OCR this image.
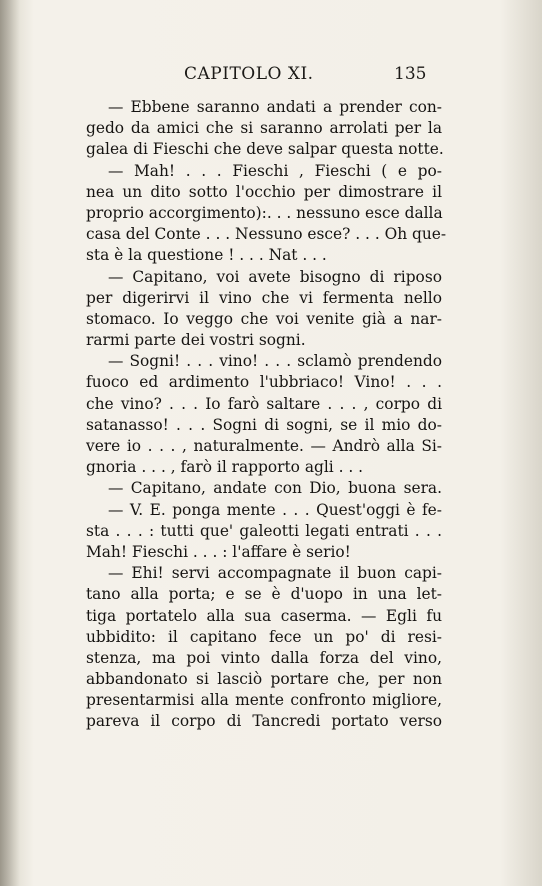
CAPITOLO XI.	135
— Ebbene saranno andati a prender con-
gedo da amici che si saranno arrolati per la
galea di Fieschi che deve salpar questa notte.
— Mah! . . . Fieschi , Fieschi ( e po-
nea un dito sotto l'occhio per dimostrare il
proprio accorgimento):. . . nessuno esce dalla
casa del Conte . . . Nessuno esce? . . . Oh que-
sta è la questione ! . . . Nat . . .
— Capitano, voi avete bisogno di riposo
per digerirvi il vino che vi fermenta nello
stomaco. Io veggo che voi venite già a nar-
rarmi parte dei vostri sogni.
— Sogni! . . . vino! . . . sclamò prendendo
fuoco ed ardimento l'ubbriaco! Vino! . . .
che vino? . . . Io farò saltare . . . , corpo di
satanasso! . . . Sogni di sogni, se il mio do-
vere io . . . , naturalmente. — Andrò alla Si-
gnoria . . . , farò il rapporto agli . . .
— Capitano, andate con Dio, buona sera.
— V. E. ponga mente . . . Quest'oggi è fe-
sta . . . : tutti que' galeotti legati entrati . . .
Mah! Fieschi . . . : l'affare è serio!
— Ehi! servi accompagnate il buon capi-
tano alla porta; e se è d'uopo in una let-
tiga portatelo alla sua caserma. — Egli fu
ubbidito: il capitano fece un po' di resi-
stenza, ma poi vinto dalla forza del vino,
abbandonato si lasciò portare che, per non
presentarmisi alla mente confronto migliore,
pareva il corpo di Tancredi portato verso
